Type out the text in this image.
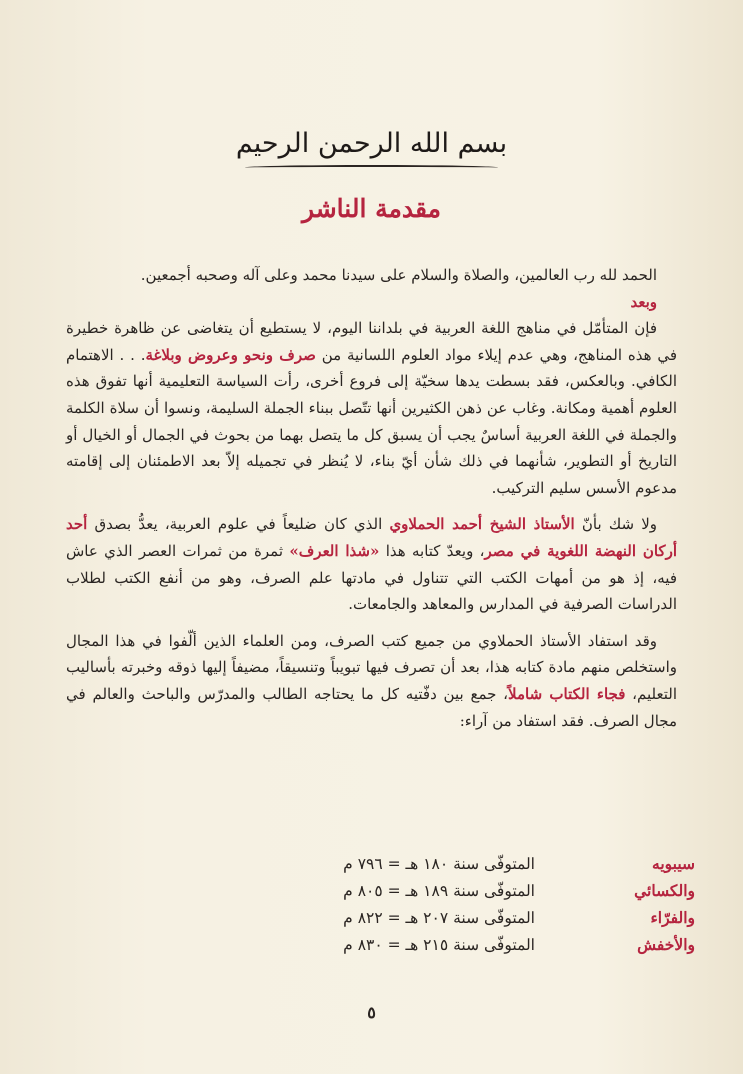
بسم الله الرحمن الرحيم
مقدمة الناشر

الحمد لله رب العالمين، والصلاة والسلام على سيدنا محمد وعلى آله وصحبه أجمعين.

وبعد

فإن المتأمّل في مناهج اللغة العربية في بلداننا اليوم، لا يستطيع أن يتغاضى عن ظاهرة خطيرة في هذه المناهج، وهي عدم إيلاء مواد العلوم اللسانية من صرف ونحو وعروض وبلاغة. . . الاهتمام الكافي. وبالعكس، فقد بسطت يدها سخيّة إلى فروع أخرى، رأت السياسة التعليمية أنها تفوق هذه العلوم أهمية ومكانة. وغاب عن ذهن الكثيرين أنها تتّصل ببناء الجملة السليمة، ونسوا أن سلاة الكلمة والجملة في اللغة العربية أساسٌ يجب أن يسبق كل ما يتصل بهما من بحوث في الجمال أو الخيال أو التاريخ أو التطوير، شأنهما في ذلك شأن أيّ بناء، لا يُنظر في تجميله إلاّ بعد الاطمئنان إلى إقامته مدعوم الأسس سليم التركيب.

ولا شك بأنّ الأستاذ الشيخ أحمد الحملاوي الذي كان ضليعاً في علوم العربية، يعدُّ بصدق أحد أركان النهضة اللغوية في مصر، ويعدّ كتابه هذا «شذا العرف» ثمرة من ثمرات العصر الذي عاش فيه، إذ هو من أمهات الكتب التي تتناول في مادتها علم الصرف، وهو من أنفع الكتب لطلاب الدراسات الصرفية في المدارس والمعاهد والجامعات.

وقد استفاد الأستاذ الحملاوي من جميع كتب الصرف، ومن العلماء الذين ألّفوا في هذا المجال واستخلص منهم مادة كتابه هذا، بعد أن تصرف فيها تبويباً وتنسيقاً، مضيفاً إليها ذوقه وخبرته بأساليب التعليم، فجاء الكتاب شاملاً، جمع بين دفّتيه كل ما يحتاجه الطالب والمدرّس والباحث والعالم في مجال الصرف. فقد استفاد من آراء:

سيبويه
المتوفّى سنة ١٨٠ هـ = ٧٩٦ م
والكسائي
المتوفّى سنة ١٨٩ هـ = ٨٠٥ م
والفرّاء
المتوفّى سنة ٢٠٧ هـ = ٨٢٢ م
والأخفش
المتوفّى سنة ٢١٥ هـ = ٨٣٠ م
٥
